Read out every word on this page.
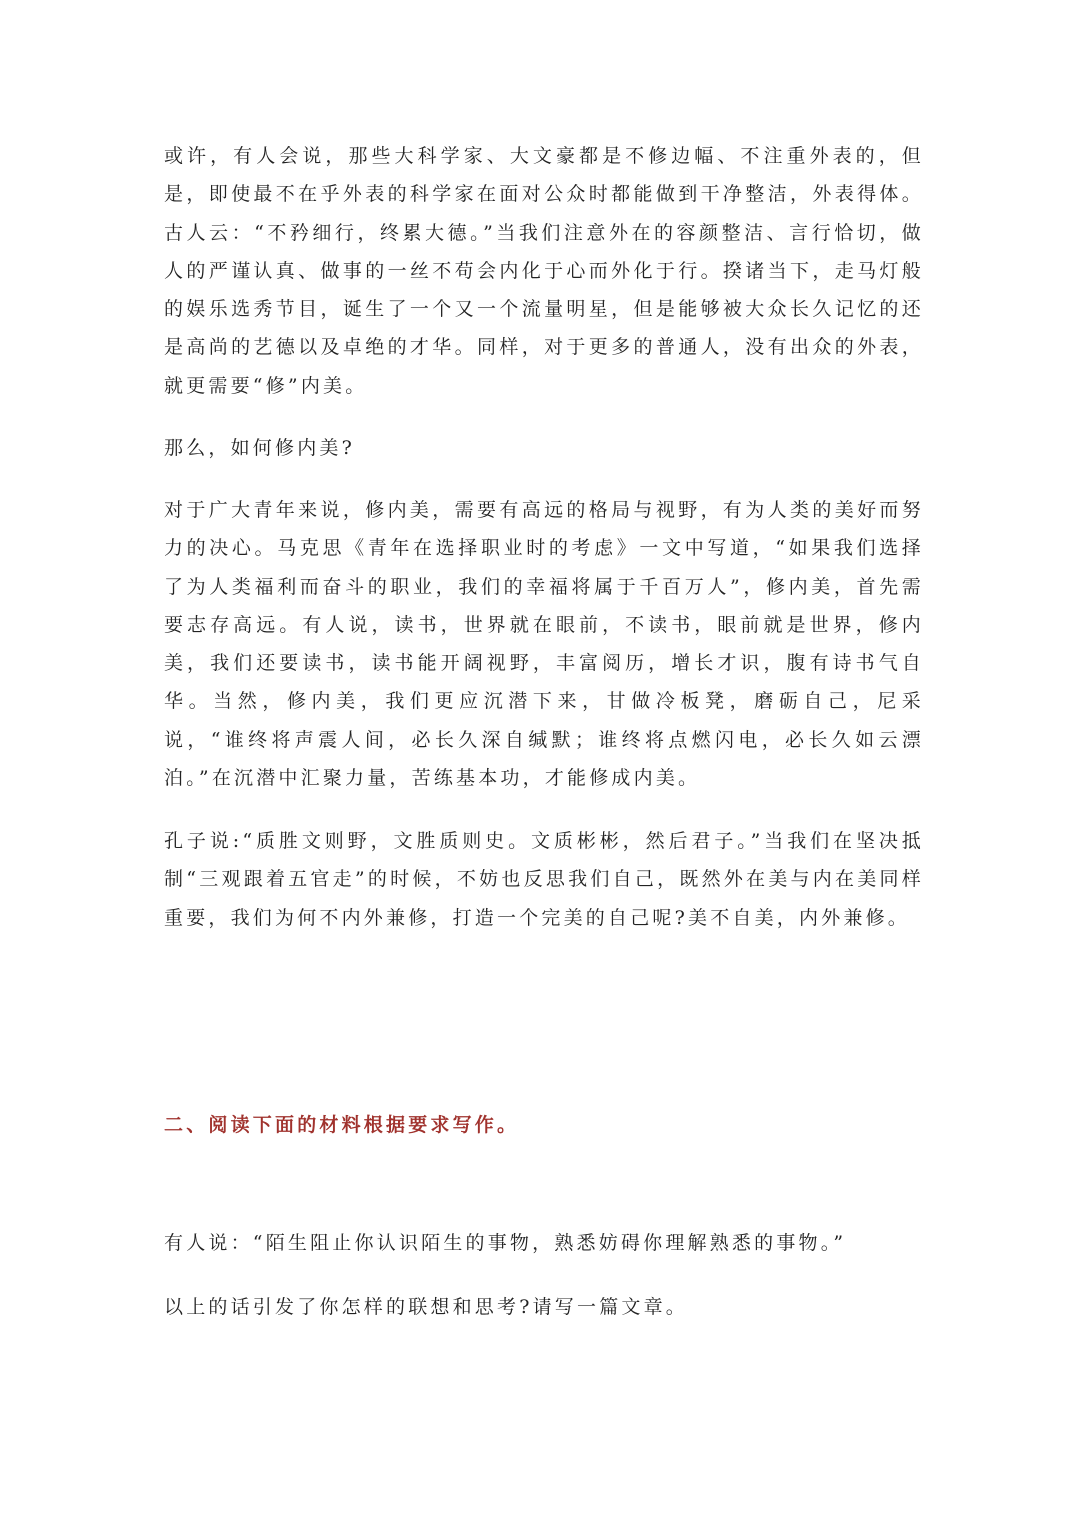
或许，有人会说，那些大科学家、大文豪都是不修边幅、不注重外表的，但是，即使最不在乎外表的科学家在面对公众时都能做到干净整洁，外表得体。古人云：“不矜细行，终累大德。”当我们注意外在的容颜整洁、言行恰切，做人的严谨认真、做事的一丝不苟会内化于心而外化于行。揆诸当下，走马灯般的娱乐选秀节目，诞生了一个又一个流量明星，但是能够被大众长久记忆的还是高尚的艺德以及卓绝的才华。同样，对于更多的普通人，没有出众的外表，就更需要“修”内美。

那么，如何修内美?

对于广大青年来说，修内美，需要有高远的格局与视野，有为人类的美好而努力的决心。马克思《青年在选择职业时的考虑》一文中写道，“如果我们选择了为人类福利而奋斗的职业，我们的幸福将属于千百万人”，修内美，首先需要志存高远。有人说，读书，世界就在眼前，不读书，眼前就是世界，修内美，我们还要读书，读书能开阔视野，丰富阅历，增长才识，腹有诗书气自华。当然，修内美，我们更应沉潜下来，甘做冷板凳，磨砺自己，尼采说，“谁终将声震人间，必长久深自缄默；谁终将点燃闪电，必长久如云漂泊。”在沉潜中汇聚力量，苦练基本功，才能修成内美。

孔子说:“质胜文则野，文胜质则史。文质彬彬，然后君子。”当我们在坚决抵制“三观跟着五官走”的时候，不妨也反思我们自己，既然外在美与内在美同样重要，我们为何不内外兼修，打造一个完美的自己呢?美不自美，内外兼修。

二、阅读下面的材料根据要求写作。

有人说：“陌生阻止你认识陌生的事物，熟悉妨碍你理解熟悉的事物。”

以上的话引发了你怎样的联想和思考?请写一篇文章。
